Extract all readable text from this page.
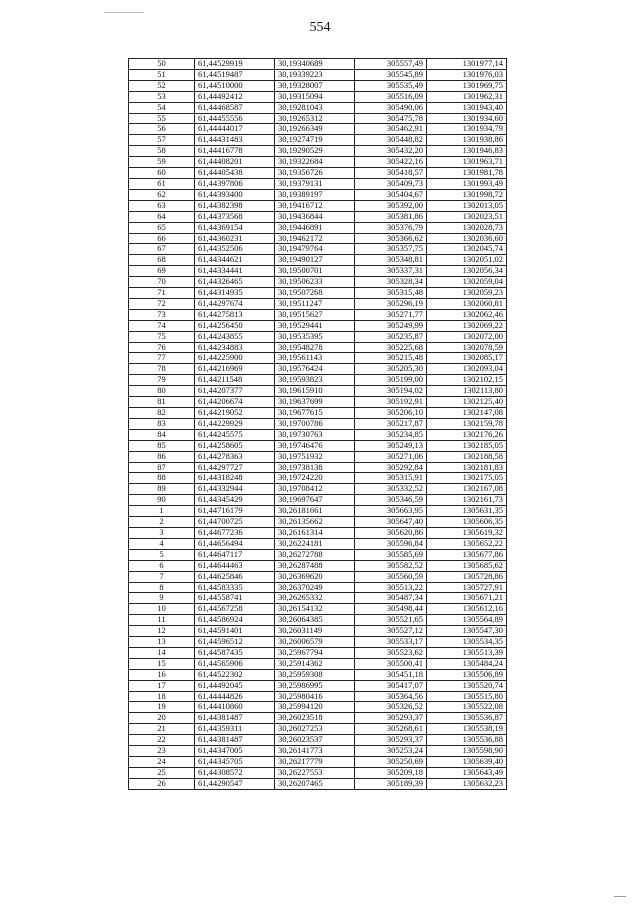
554
50	61,44529919	30,19340689	305557,49	1301977,14
51	61,44519487	30,19339223	305545,89	1301976,03
52	61,44510000	30,19328007	305535,49	1301969,75
53	61,44492412	30,19315094	305516,09	1301962,31
54	61,44468587	30,19281043	305490,06	1301943,40
55	61,44455556	30,19265312	305475,78	1301934,60
56	61,44444017	30,19266349	305462,91	1301934,79
57	61,44431483	30,19274719	305448,82	1301938,86
58	61,44416778	30,19290529	305432,20	1301946,83
59	61,44408201	30,19322684	305422,16	1301963,71
60	61,44405438	30,19356726	305418,57	1301981,78
61	61,44397806	30,19379131	305409,73	1301993,49
62	61,44393400	30,19389197	305404,67	1301998,72
63	61,44382398	30,19416712	305392,00	1302013,05
64	61,44373568	30,19436844	305381,86	1302023,51
65	61,44369154	30,19446891	305376,79	1302028,73
66	61,44360231	30,19462172	305366,62	1302036,60
67	61,44352506	30,19479764	305357,75	1302045,74
68	61,44344621	30,19490127	305348,81	1302051,02
69	61,44334441	30,19500701	305337,31	1302056,34
70	61,44326465	30,19506233	305328,34	1302059,04
71	61,44314935	30,19507268	305315,48	1302059,23
72	61,44297674	30,19511247	305296,19	1302060,81
73	61,44275813	30,19515627	305271,77	1302062,46
74	61,44256450	30,19529441	305249,99	1302069,22
75	61,44243855	30,19535395	305235,87	1302072,00
76	61,44234883	30,19548278	305225,68	1302078,59
77	61,44225900	30,19561143	305215,48	1302085,17
78	61,44216969	30,19576424	305205,30	1302093,04
79	61,44211548	30,19593823	305199,00	1302102,15
80	61,44207377	30,19615910	305194,02	1302113,80
81	61,44206674	30,19637699	305192,91	1302125,40
82	61,44219052	30,19677615	305206,10	1302147,08
83	61,44229929	30,19700786	305217,87	1302159,78
84	61,44245575	30,19730763	305234,85	1302176,26
85	61,44258605	30,19746476	305249,13	1302185,05
86	61,44278363	30,19751932	305271,06	1302188,58
87	61,44297727	30,19738138	305292,84	1302181,83
88	61,44318248	30,19724220	305315,91	1302175,05
89	61,44332944	30,19708412	305332,52	1302167,08
90	61,44345429	30,19697647	305346,59	1302161,73
1	61,44716179	30,26181661	305663,95	1305631,35
2	61,44700725	30,26135662	305647,40	1305606,35
3	61,44677236	30,26161314	305620,86	1305619,32
4	61,44656494	30,26224181	305596,84	1305652,22
5	61,44647117	30,26272788	305585,69	1305677,86
6	61,44644463	30,26287488	305582,52	1305685,62
7	61,44625846	30,26369620	305560,59	1305728,86
8	61,44583335	30,26370249	305513,22	1305727,91
9	61,44558741	30,26265332	305487,34	1305671,21
10	61,44567258	30,26154132	305498,44	1305612,16
11	61,44586924	30,26064385	305521,65	1305564,89
12	61,44591401	30,26031149	305527,12	1305547,30
13	61,44596512	30,26006579	305533,17	1305534,35
14	61,44587435	30,25967794	305523,62	1305513,39
15	61,44565906	30,25914362	305500,41	1305484,24
16	61,44522302	30,25959308	305451,18	1305506,89
17	61,44492045	30,25986995	305417,07	1305520,74
18	61,44444826	30,25980416	305364,56	1305515,80
19	61,44410860	30,25994120	305326,52	1305522,08
20	61,44381487	30,26023518	305293,37	1305536,87
21	61,44359311	30,26027253	305268,61	1305538,19
22	61,44381487	30,26023537	305293,37	1305536,88
23	61,44347005	30,26141773	305253,24	1305598,90
24	61,44345705	30,26217779	305250,69	1305639,40
25	61,44308572	30,26227553	305209,18	1305643,49
26	61,44290547	30,26207465	305189,39	1305632,23
